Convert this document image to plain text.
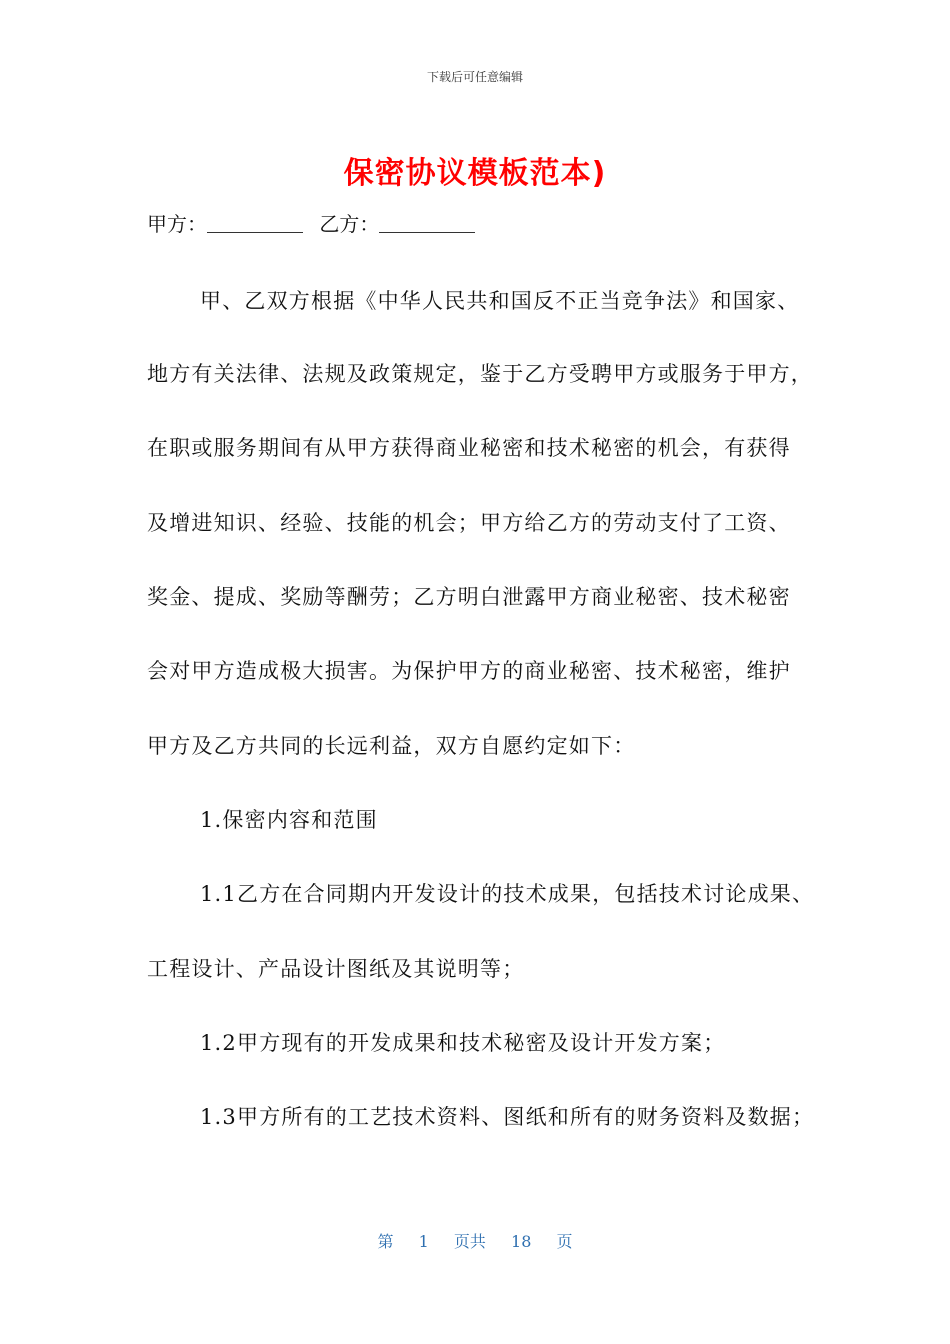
下载后可任意编辑
保密协议模板范本)
甲方：	乙方：
甲、乙双方根据《中华人民共和国反不正当竞争法》和国家、
地方有关法律、法规及政策规定，鉴于乙方受聘甲方或服务于甲方，
在职或服务期间有从甲方获得商业秘密和技术秘密的机会，有获得
及增进知识、经验、技能的机会；甲方给乙方的劳动支付了工资、
奖金、提成、奖励等酬劳；乙方明白泄露甲方商业秘密、技术秘密
会对甲方造成极大损害。为保护甲方的商业秘密、技术秘密，维护
甲方及乙方共同的长远利益，双方自愿约定如下：
1.保密内容和范围
1.1乙方在合同期内开发设计的技术成果，包括技术讨论成果、
工程设计、产品设计图纸及其说明等；
1.2甲方现有的开发成果和技术秘密及设计开发方案；
1.3甲方所有的工艺技术资料、图纸和所有的财务资料及数据；
第 1 页共 18 页
